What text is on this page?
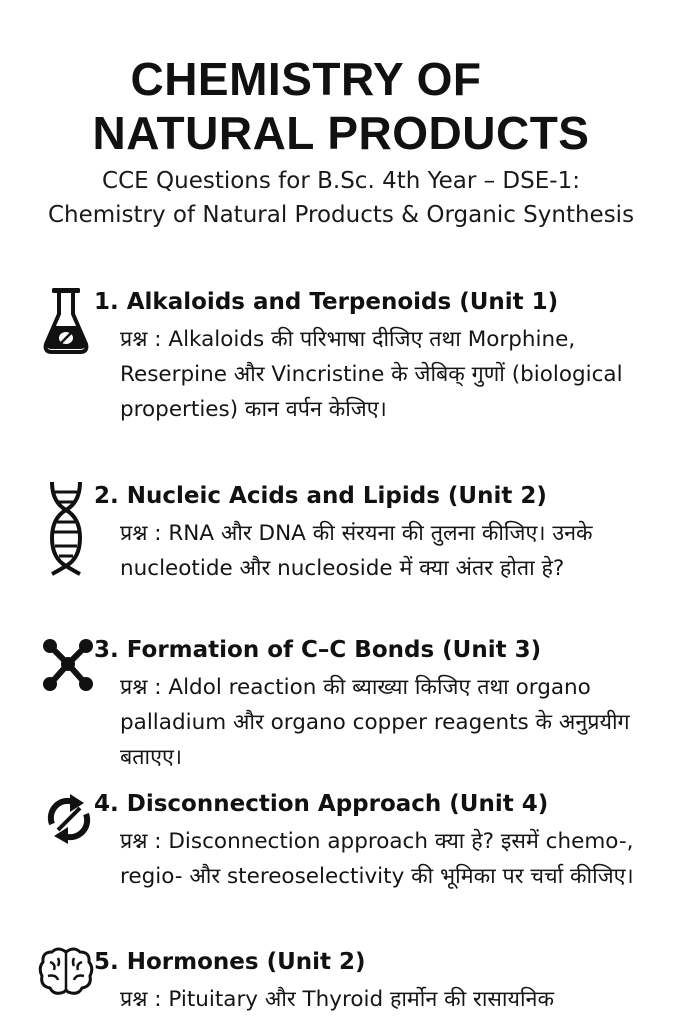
CHEMISTRY OF
NATURAL PRODUCTS

CCE Questions for B.Sc. 4th Year – DSE-1: Chemistry of Natural Products & Organic Synthesis

1. Alkaloids and Terpenoids (Unit 1)

प्रश्न : Alkaloids की परिभाषा दीजिए तथा Morphine, Reserpine और Vincristine के जेबिक् गुणों (biological properties) कान वर्पन केजिए।

2. Nucleic Acids and Lipids (Unit 2)

प्रश्न : RNA और DNA की संरयना की तुलना कीजिए। उनके nucleotide और nucleoside में क्या अंतर होता हे?

3. Formation of C–C Bonds (Unit 3)

प्रश्न : Aldol reaction की ब्याख्या किजिए तथा organo palladium और organo copper reagents के अनुप्रयीग बताएए।

4. Disconnection Approach (Unit 4)

प्रश्न : Disconnection approach क्या हे? इसमें chemo-, regio- और stereoselectivity की भूमिका पर चर्चा कीजिए।

5. Hormones (Unit 2)

प्रश्न : Pituitary और Thyroid हार्मोन की रासायनिक
